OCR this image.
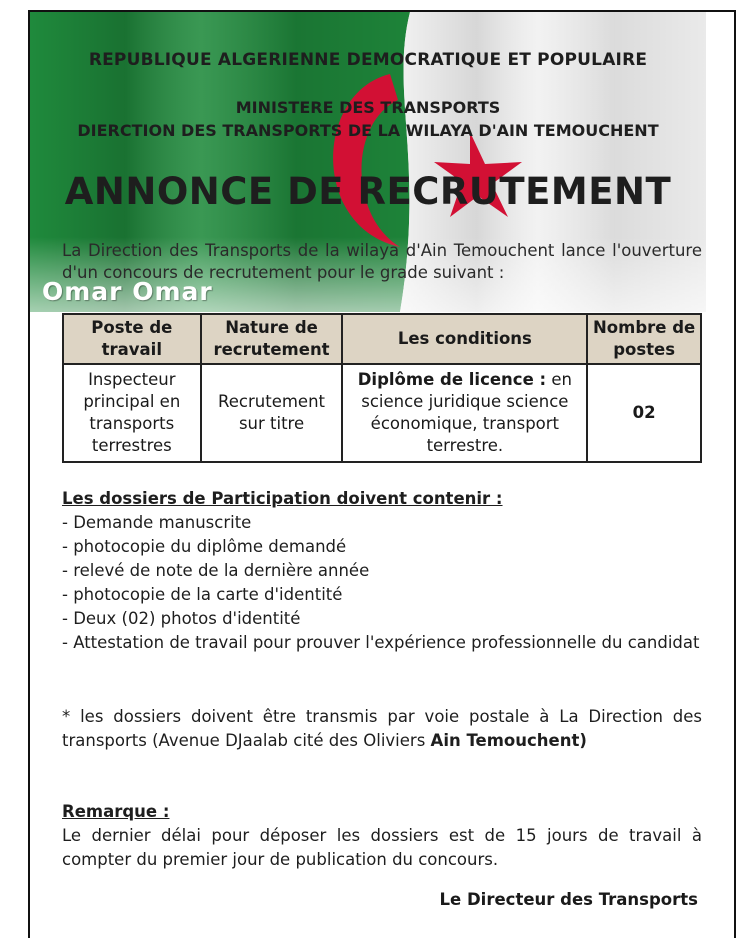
REPUBLIQUE ALGERIENNE DEMOCRATIQUE ET POPULAIRE
MINISTERE DES TRANSPORTS
DIERCTION DES TRANSPORTS DE LA WILAYA D'AIN TEMOUCHENT
ANNONCE DE RECRUTEMENT

La Direction des Transports de la wilaya d'Ain Temouchent lance l'ouverture d'un concours de recrutement pour le grade suivant :

Omar Omar
Poste de travail	Nature de recrutement	Les conditions	Nombre de postes
Inspecteur principal en transports terrestres	Recrutement sur titre	Diplôme de licence : en science juridique science économique, transport terrestre.	02
Les dossiers de Participation doivent contenir :
- Demande manuscrite
- photocopie du diplôme demandé
- relevé de note de la dernière année
- photocopie de la carte d'identité
- Deux (02) photos d'identité
- Attestation de travail pour prouver l'expérience professionnelle du candidat

* les dossiers doivent être transmis par voie postale à La Direction des transports (Avenue DJaalab cité des Oliviers Ain Temouchent)

Remarque :

Le dernier délai pour déposer les dossiers est de 15 jours de travail à compter du premier jour de publication du concours.

Le Directeur des Transports
